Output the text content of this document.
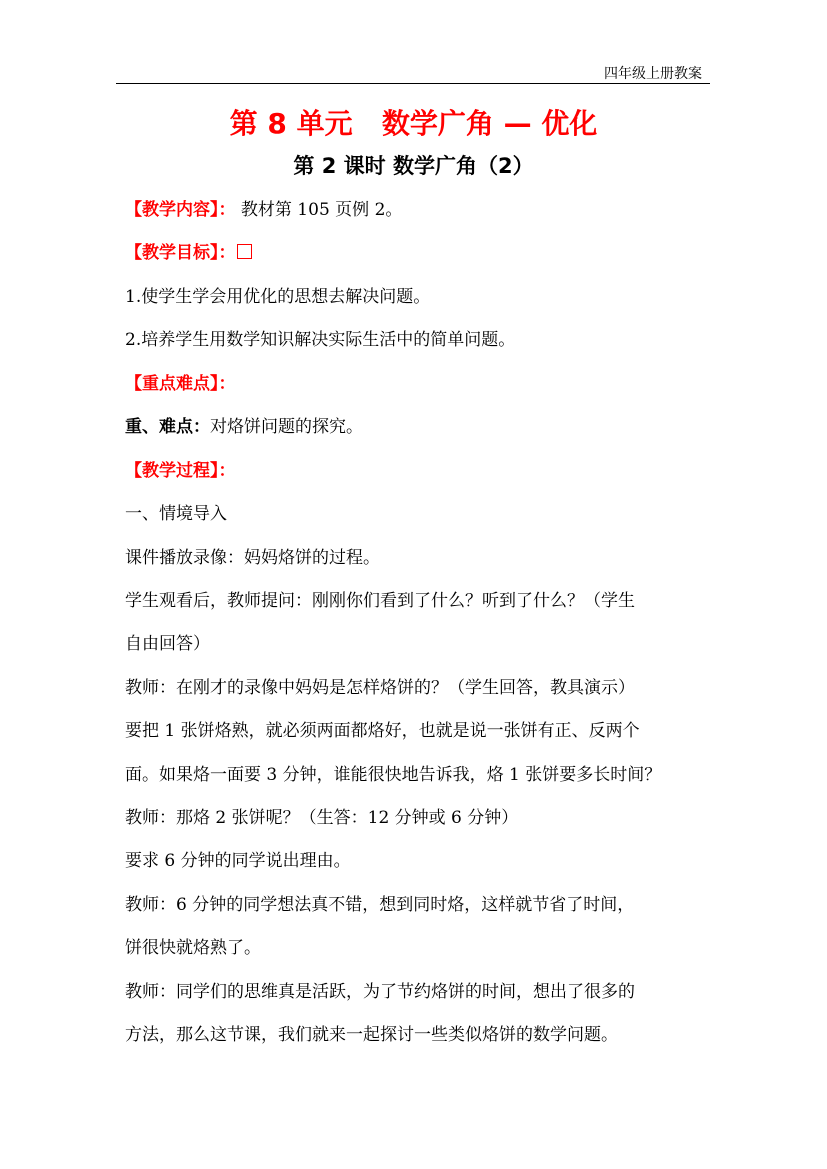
四年级上册教案
第 8 单元   数学广角 — 优化
第 2 课时 数学广角（2）
【教学内容】： 教材第 105 页例 2。
【教学目标】：
1.使学生学会用优化的思想去解决问题。
2.培养学生用数学知识解决实际生活中的简单问题。
【重点难点】：
重、难点：对烙饼问题的探究。
【教学过程】：
一、情境导入
课件播放录像：妈妈烙饼的过程。
学生观看后，教师提问：刚刚你们看到了什么？听到了什么？（学生
自由回答）
教师：在刚才的录像中妈妈是怎样烙饼的？（学生回答，教具演示）
要把 1 张饼烙熟，就必须两面都烙好，也就是说一张饼有正、反两个
面。如果烙一面要 3 分钟，谁能很快地告诉我，烙 1 张饼要多长时间？
教师：那烙 2 张饼呢？（生答：12 分钟或 6 分钟）
要求 6 分钟的同学说出理由。
教师：6 分钟的同学想法真不错，想到同时烙，这样就节省了时间，
饼很快就烙熟了。
教师：同学们的思维真是活跃，为了节约烙饼的时间，想出了很多的
方法，那么这节课，我们就来一起探讨一些类似烙饼的数学问题。
